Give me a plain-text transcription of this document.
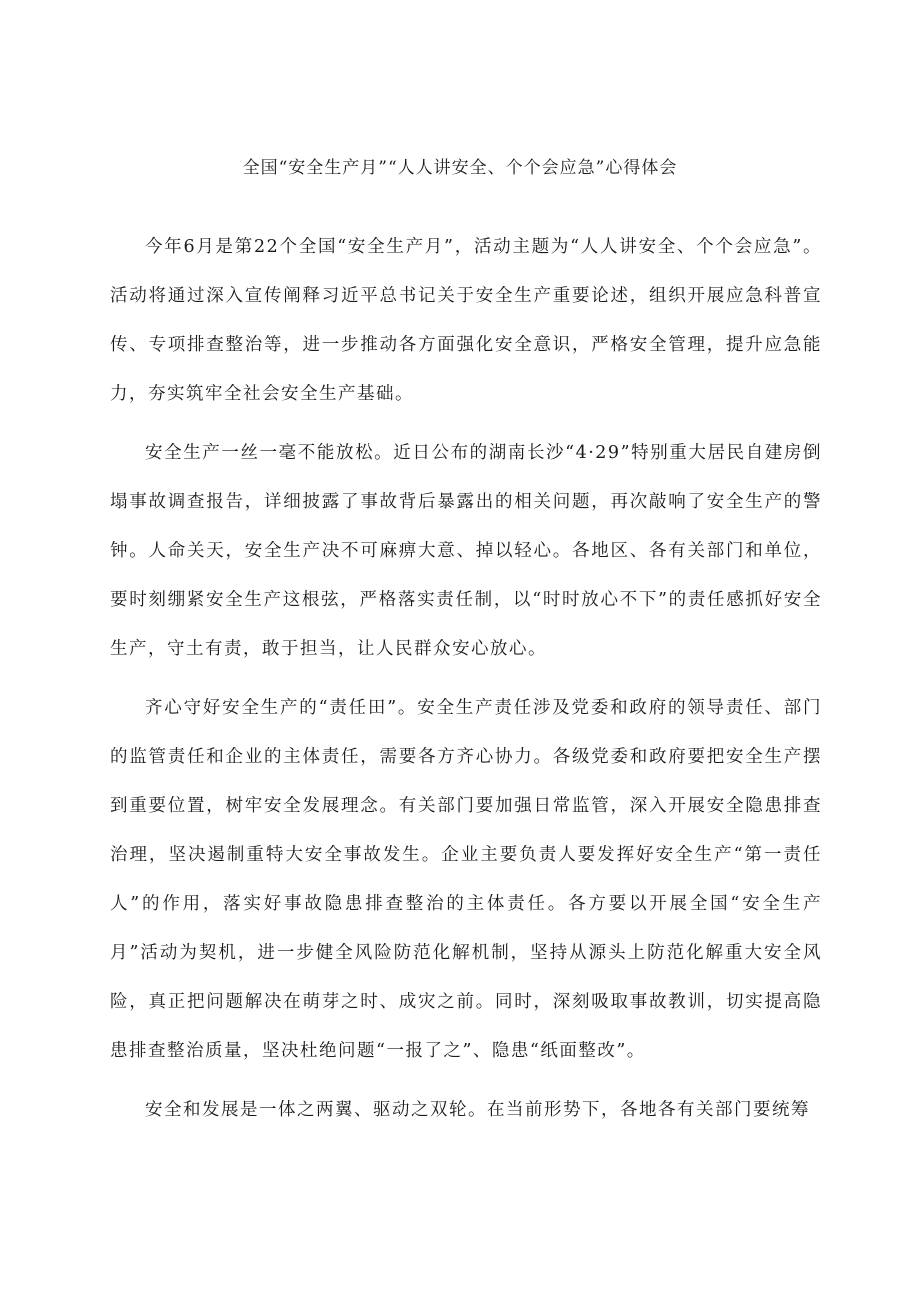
全国“安全生产月”“人人讲安全、个个会应急”心得体会

今年6月是第22个全国“安全生产月”，活动主题为“人人讲安全、个个会应急”。活动将通过深入宣传阐释习近平总书记关于安全生产重要论述，组织开展应急科普宣传、专项排查整治等，进一步推动各方面强化安全意识，严格安全管理，提升应急能力，夯实筑牢全社会安全生产基础。

安全生产一丝一毫不能放松。近日公布的湖南长沙“4·29”特别重大居民自建房倒塌事故调查报告，详细披露了事故背后暴露出的相关问题，再次敲响了安全生产的警钟。人命关天，安全生产决不可麻痹大意、掉以轻心。各地区、各有关部门和单位，要时刻绷紧安全生产这根弦，严格落实责任制，以“时时放心不下”的责任感抓好安全生产，守土有责，敢于担当，让人民群众安心放心。

齐心守好安全生产的“责任田”。安全生产责任涉及党委和政府的领导责任、部门的监管责任和企业的主体责任，需要各方齐心协力。各级党委和政府要把安全生产摆到重要位置，树牢安全发展理念。有关部门要加强日常监管，深入开展安全隐患排查治理，坚决遏制重特大安全事故发生。企业主要负责人要发挥好安全生产“第一责任人”的作用，落实好事故隐患排查整治的主体责任。各方要以开展全国“安全生产月”活动为契机，进一步健全风险防范化解机制，坚持从源头上防范化解重大安全风险，真正把问题解决在萌芽之时、成灾之前。同时，深刻吸取事故教训，切实提高隐患排查整治质量，坚决杜绝问题“一报了之”、隐患“纸面整改”。

安全和发展是一体之两翼、驱动之双轮。在当前形势下，各地各有关部门要统筹
